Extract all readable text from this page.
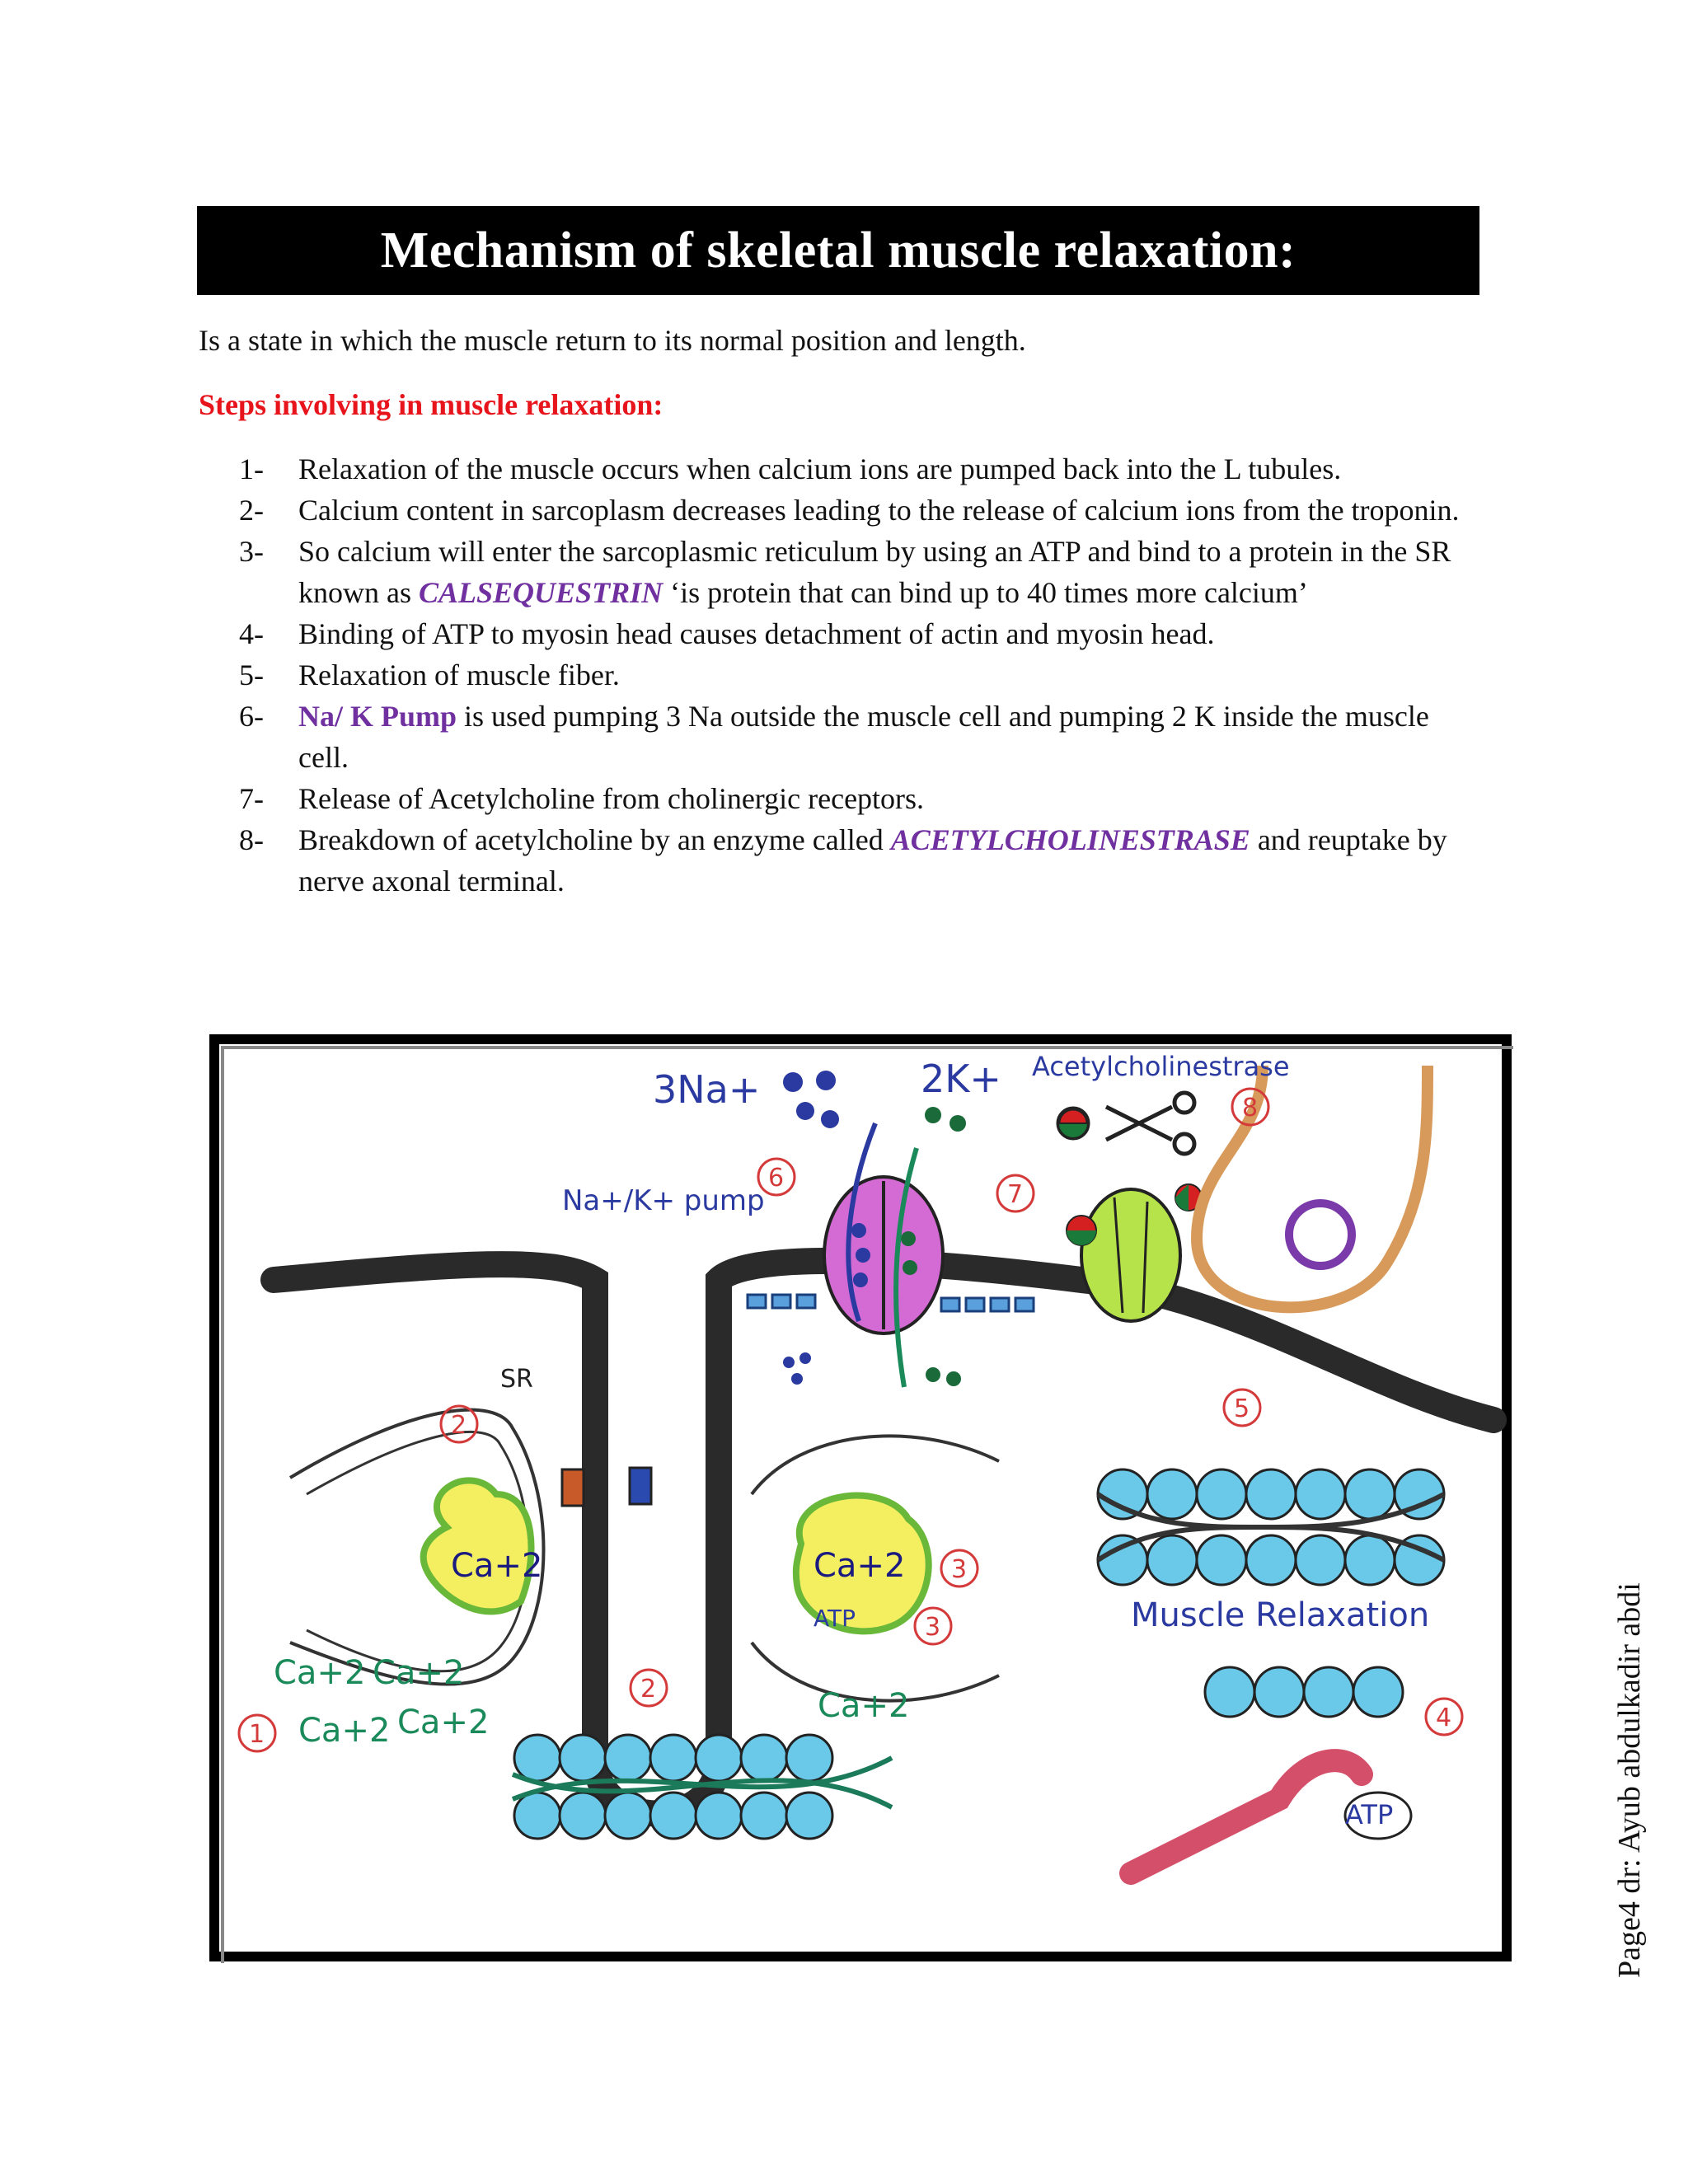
Mechanism of skeletal muscle relaxation:
Is a state in which the muscle return to its normal position and length.
Steps involving in muscle relaxation:
1-	Relaxation of the muscle occurs when calcium ions are pumped back into the L tubules.
2-	Calcium content in sarcoplasm decreases leading to the release of calcium ions from the troponin.
3-	So calcium will enter the sarcoplasmic reticulum by using an ATP and bind to a protein in the SR known as CALSEQUESTRIN ‘is protein that can bind up to 40 times more calcium’
4-	Binding of ATP to myosin head causes detachment of actin and myosin head.
5-	Relaxation of muscle fiber.
6-	Na/ K Pump is used pumping 3 Na outside the muscle cell and pumping 2 K inside the muscle cell.
7-	Release of Acetylcholine from cholinergic receptors.
8-	Breakdown of acetylcholine by an enzyme called ACETYLCHOLINESTRASE and reuptake by nerve axonal terminal.
3Na+	2K+ Acetylcholinestrase
Na+/K+ pump
SR
Ca+2	Ca+2
ATP
ATP
Muscle Relaxation
Ca+2 Ca+2
Ca+2 Ca+2	Ca+2
1
2
2
3
3
4
5
6
7
8
Page4 dr: Ayub abdulkadir abdi
